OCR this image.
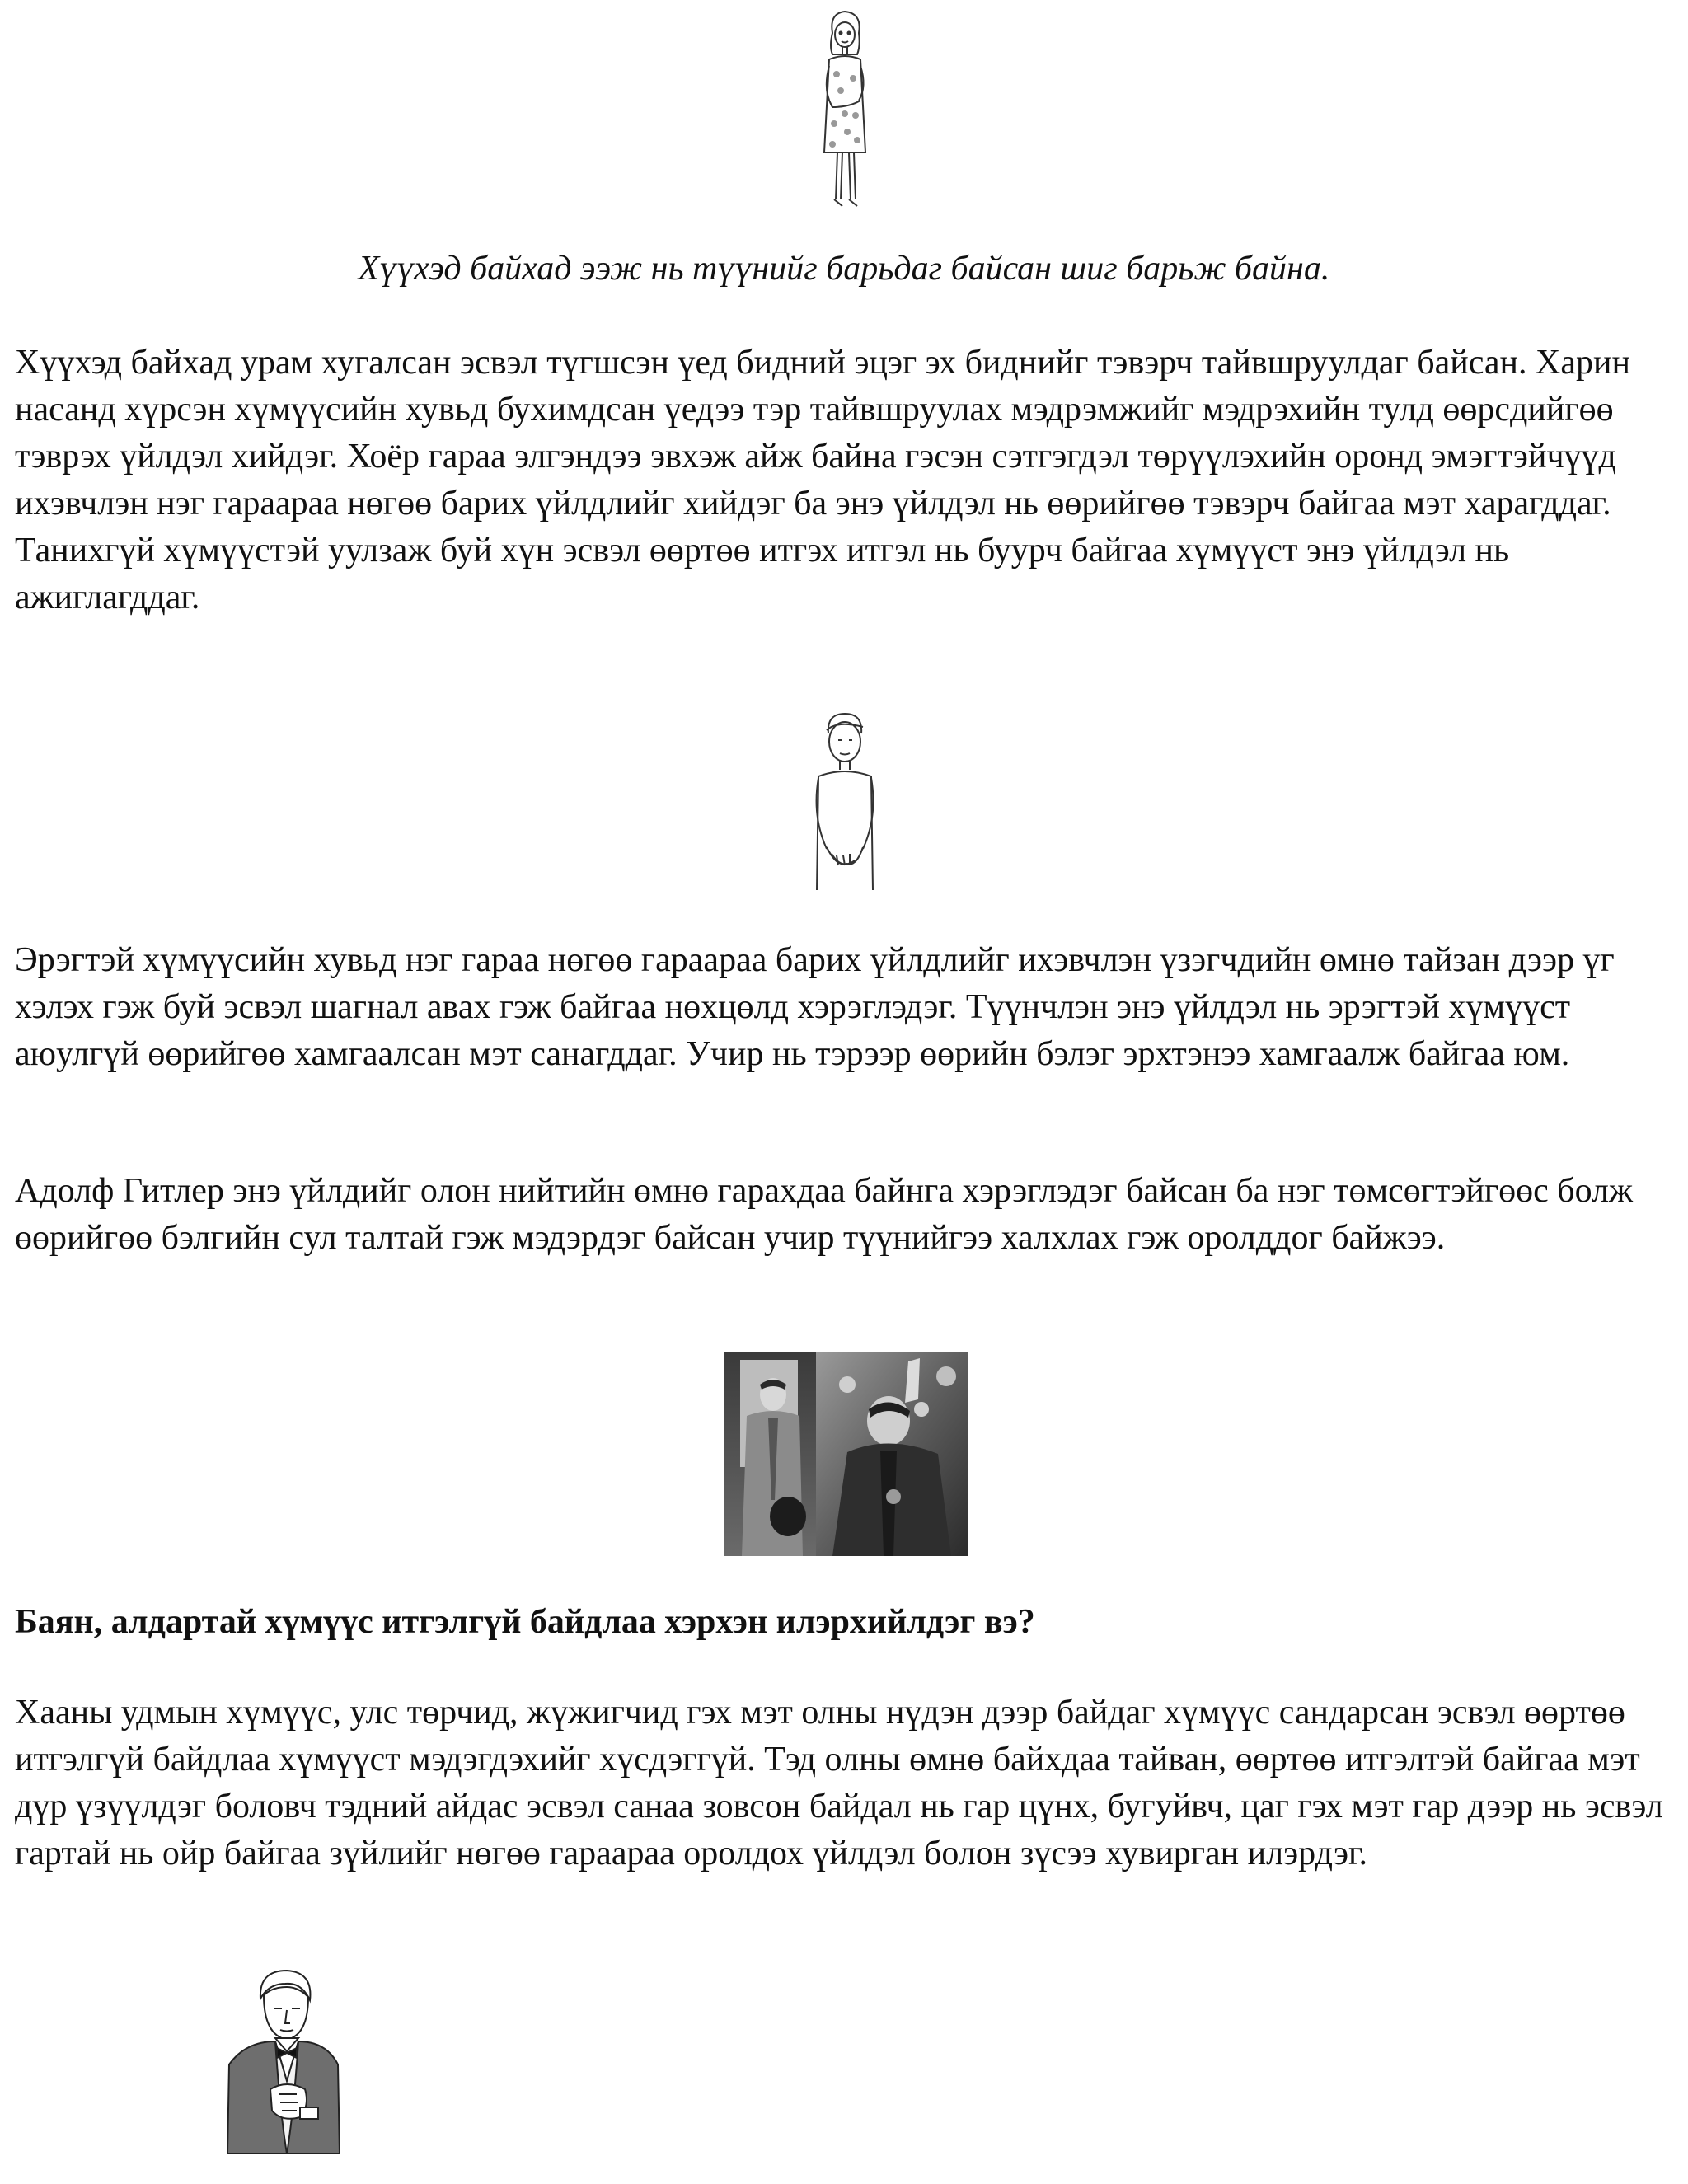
Хүүхэд байхад ээж нь түүнийг барьдаг байсан шиг барьж байна.

Хүүхэд байхад урам хугалсан эсвэл түгшсэн үед бидний эцэг эх биднийг тэвэрч тайвшруулдаг байсан. Харин насанд хүрсэн хүмүүсийн хувьд бухимдсан үедээ тэр тайвшруулах мэдрэмжийг мэдрэхийн тулд өөрсдийгөө тэврэх үйлдэл хийдэг. Хоёр гараа элгэндээ эвхэж айж байна гэсэн сэтгэгдэл төрүүлэхийн оронд эмэгтэйчүүд ихэвчлэн нэг гараараа нөгөө барих үйлдлийг хийдэг ба энэ үйлдэл нь өөрийгөө тэвэрч байгаа мэт харагддаг. Танихгүй хүмүүстэй уулзаж буй хүн эсвэл өөртөө итгэх итгэл нь буурч байгаа хүмүүст энэ үйлдэл нь ажиглагддаг.

Эрэгтэй хүмүүсийн хувьд нэг гараа нөгөө гараараа барих үйлдлийг ихэвчлэн үзэгчдийн өмнө тайзан дээр үг хэлэх гэж буй эсвэл шагнал авах гэж байгаа нөхцөлд хэрэглэдэг. Түүнчлэн энэ үйлдэл нь эрэгтэй хүмүүст аюулгүй өөрийгөө хамгаалсан мэт санагддаг. Учир нь тэрээр өөрийн бэлэг эрхтэнээ хамгаалж байгаа юм.

Адолф Гитлер энэ үйлдийг олон нийтийн өмнө гарахдаа байнга хэрэглэдэг байсан ба нэг төмсөгтэйгөөс болж өөрийгөө бэлгийн сул талтай гэж мэдэрдэг байсан учир түүнийгээ халхлах гэж оролддог байжээ.

Баян, алдартай хүмүүс итгэлгүй байдлаа хэрхэн илэрхийлдэг вэ?

Хааны удмын хүмүүс, улс төрчид, жүжигчид гэх мэт олны нүдэн дээр байдаг хүмүүс сандарсан эсвэл өөртөө итгэлгүй байдлаа хүмүүст мэдэгдэхийг хүсдэггүй. Тэд олны өмнө байхдаа тайван, өөртөө итгэлтэй байгаа мэт дүр үзүүлдэг боловч тэдний айдас эсвэл санаа зовсон байдал нь гар цүнх, бугуйвч, цаг гэх мэт гар дээр нь эсвэл гартай нь ойр байгаа зүйлийг нөгөө гараараа оролдох үйлдэл болон зүсээ хувирган илэрдэг.
